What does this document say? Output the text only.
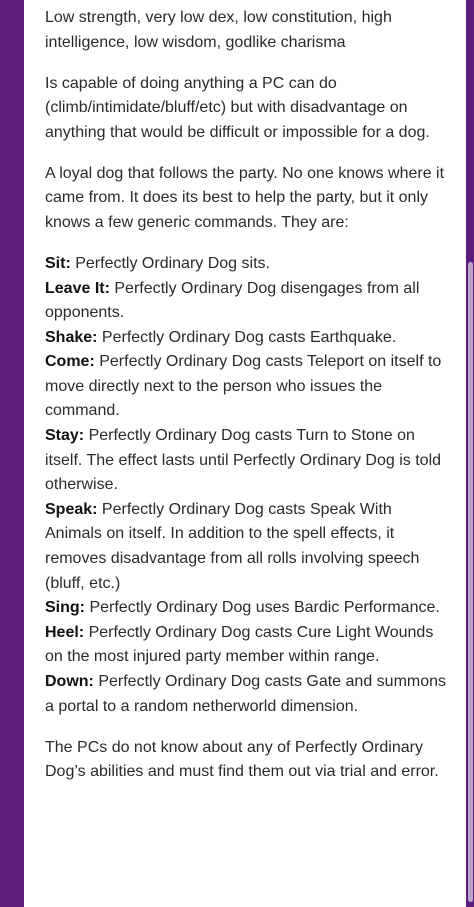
Low strength, very low dex, low constitution, high intelligence, low wisdom, godlike charisma

Is capable of doing anything a PC can do (climb/intimidate/bluff/etc) but with disadvantage on anything that would be difficult or impossible for a dog.

A loyal dog that follows the party. No one knows where it came from. It does its best to help the party, but it only knows a few generic commands. They are:

Sit: Perfectly Ordinary Dog sits.
Leave It: Perfectly Ordinary Dog disengages from all opponents.
Shake: Perfectly Ordinary Dog casts Earthquake.
Come: Perfectly Ordinary Dog casts Teleport on itself to move directly next to the person who issues the command.
Stay: Perfectly Ordinary Dog casts Turn to Stone on itself. The effect lasts until Perfectly Ordinary Dog is told otherwise.
Speak: Perfectly Ordinary Dog casts Speak With Animals on itself. In addition to the spell effects, it removes disadvantage from all rolls involving speech (bluff, etc.)
Sing: Perfectly Ordinary Dog uses Bardic Performance.
Heel: Perfectly Ordinary Dog casts Cure Light Wounds on the most injured party member within range.
Down: Perfectly Ordinary Dog casts Gate and summons a portal to a random netherworld dimension.

The PCs do not know about any of Perfectly Ordinary Dog’s abilities and must find them out via trial and error.
